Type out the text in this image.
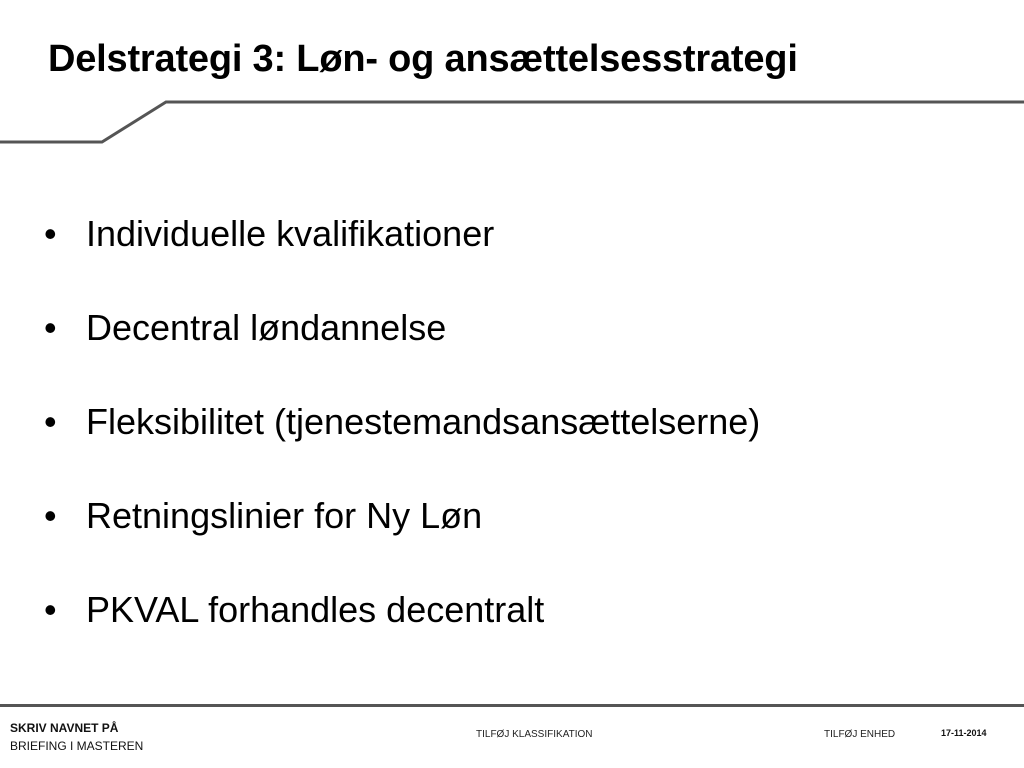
Delstrategi 3: Løn- og ansættelsesstrategi
• Individuelle kvalifikationer
• Decentral løndannelse
• Fleksibilitet (tjenestemandsansættelserne)
• Retningslinier for Ny Løn
• PKVAL forhandles decentralt
SKRIV NAVNET PÅ
BRIEFING I MASTEREN
TILFØJ KLASSIFIKATION	TILFØJ ENHED	17-11-2014
